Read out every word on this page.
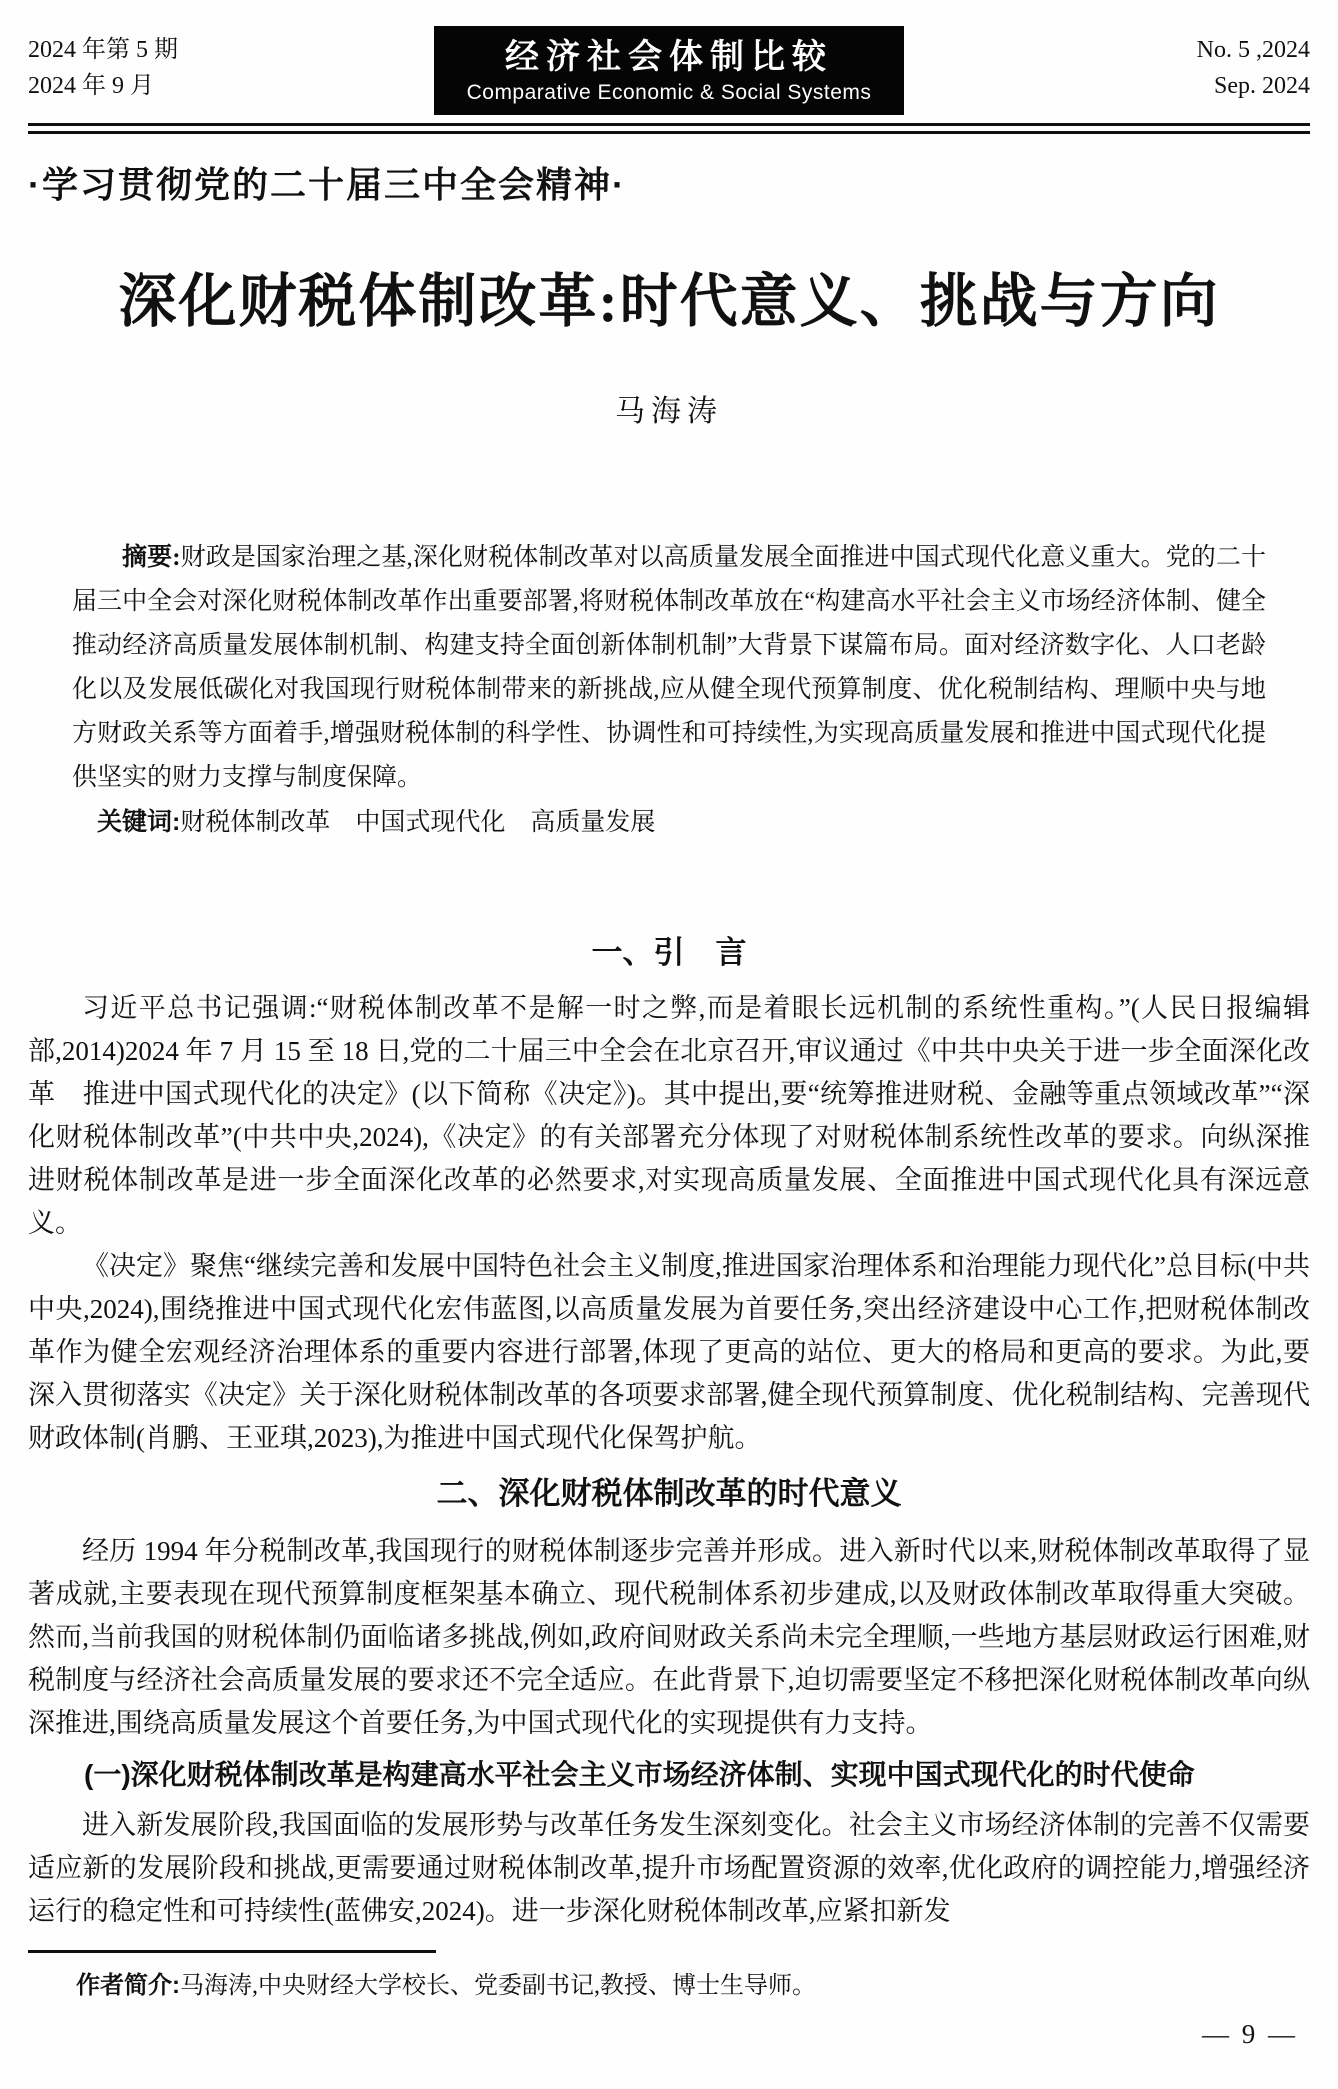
2024 年第 5 期
2024 年 9 月
经济社会体制比较
Comparative Economic & Social Systems
No. 5 ,2024
Sep. 2024
·学习贯彻党的二十届三中全会精神·
深化财税体制改革:时代意义、挑战与方向
马海涛

摘要:财政是国家治理之基,深化财税体制改革对以高质量发展全面推进中国式现代化意义重大。党的二十届三中全会对深化财税体制改革作出重要部署,将财税体制改革放在“构建高水平社会主义市场经济体制、健全推动经济高质量发展体制机制、构建支持全面创新体制机制”大背景下谋篇布局。面对经济数字化、人口老龄化以及发展低碳化对我国现行财税体制带来的新挑战,应从健全现代预算制度、优化税制结构、理顺中央与地方财政关系等方面着手,增强财税体制的科学性、协调性和可持续性,为实现高质量发展和推进中国式现代化提供坚实的财力支撑与制度保障。

关键词:财税体制改革　中国式现代化　高质量发展

一、引　言

习近平总书记强调:“财税体制改革不是解一时之弊,而是着眼长远机制的系统性重构。”(人民日报编辑部,2014)2024 年 7 月 15 至 18 日,党的二十届三中全会在北京召开,审议通过《中共中央关于进一步全面深化改革　推进中国式现代化的决定》(以下简称《决定》)。其中提出,要“统筹推进财税、金融等重点领域改革”“深化财税体制改革”(中共中央,2024),《决定》的有关部署充分体现了对财税体制系统性改革的要求。向纵深推进财税体制改革是进一步全面深化改革的必然要求,对实现高质量发展、全面推进中国式现代化具有深远意义。

《决定》聚焦“继续完善和发展中国特色社会主义制度,推进国家治理体系和治理能力现代化”总目标(中共中央,2024),围绕推进中国式现代化宏伟蓝图,以高质量发展为首要任务,突出经济建设中心工作,把财税体制改革作为健全宏观经济治理体系的重要内容进行部署,体现了更高的站位、更大的格局和更高的要求。为此,要深入贯彻落实《决定》关于深化财税体制改革的各项要求部署,健全现代预算制度、优化税制结构、完善现代财政体制(肖鹏、王亚琪,2023),为推进中国式现代化保驾护航。

二、深化财税体制改革的时代意义

经历 1994 年分税制改革,我国现行的财税体制逐步完善并形成。进入新时代以来,财税体制改革取得了显著成就,主要表现在现代预算制度框架基本确立、现代税制体系初步建成,以及财政体制改革取得重大突破。然而,当前我国的财税体制仍面临诸多挑战,例如,政府间财政关系尚未完全理顺,一些地方基层财政运行困难,财税制度与经济社会高质量发展的要求还不完全适应。在此背景下,迫切需要坚定不移把深化财税体制改革向纵深推进,围绕高质量发展这个首要任务,为中国式现代化的实现提供有力支持。

(一)深化财税体制改革是构建高水平社会主义市场经济体制、实现中国式现代化的时代使命

进入新发展阶段,我国面临的发展形势与改革任务发生深刻变化。社会主义市场经济体制的完善不仅需要适应新的发展阶段和挑战,更需要通过财税体制改革,提升市场配置资源的效率,优化政府的调控能力,增强经济运行的稳定性和可持续性(蓝佛安,2024)。进一步深化财税体制改革,应紧扣新发

作者简介:马海涛,中央财经大学校长、党委副书记,教授、博士生导师。

— 9 —
